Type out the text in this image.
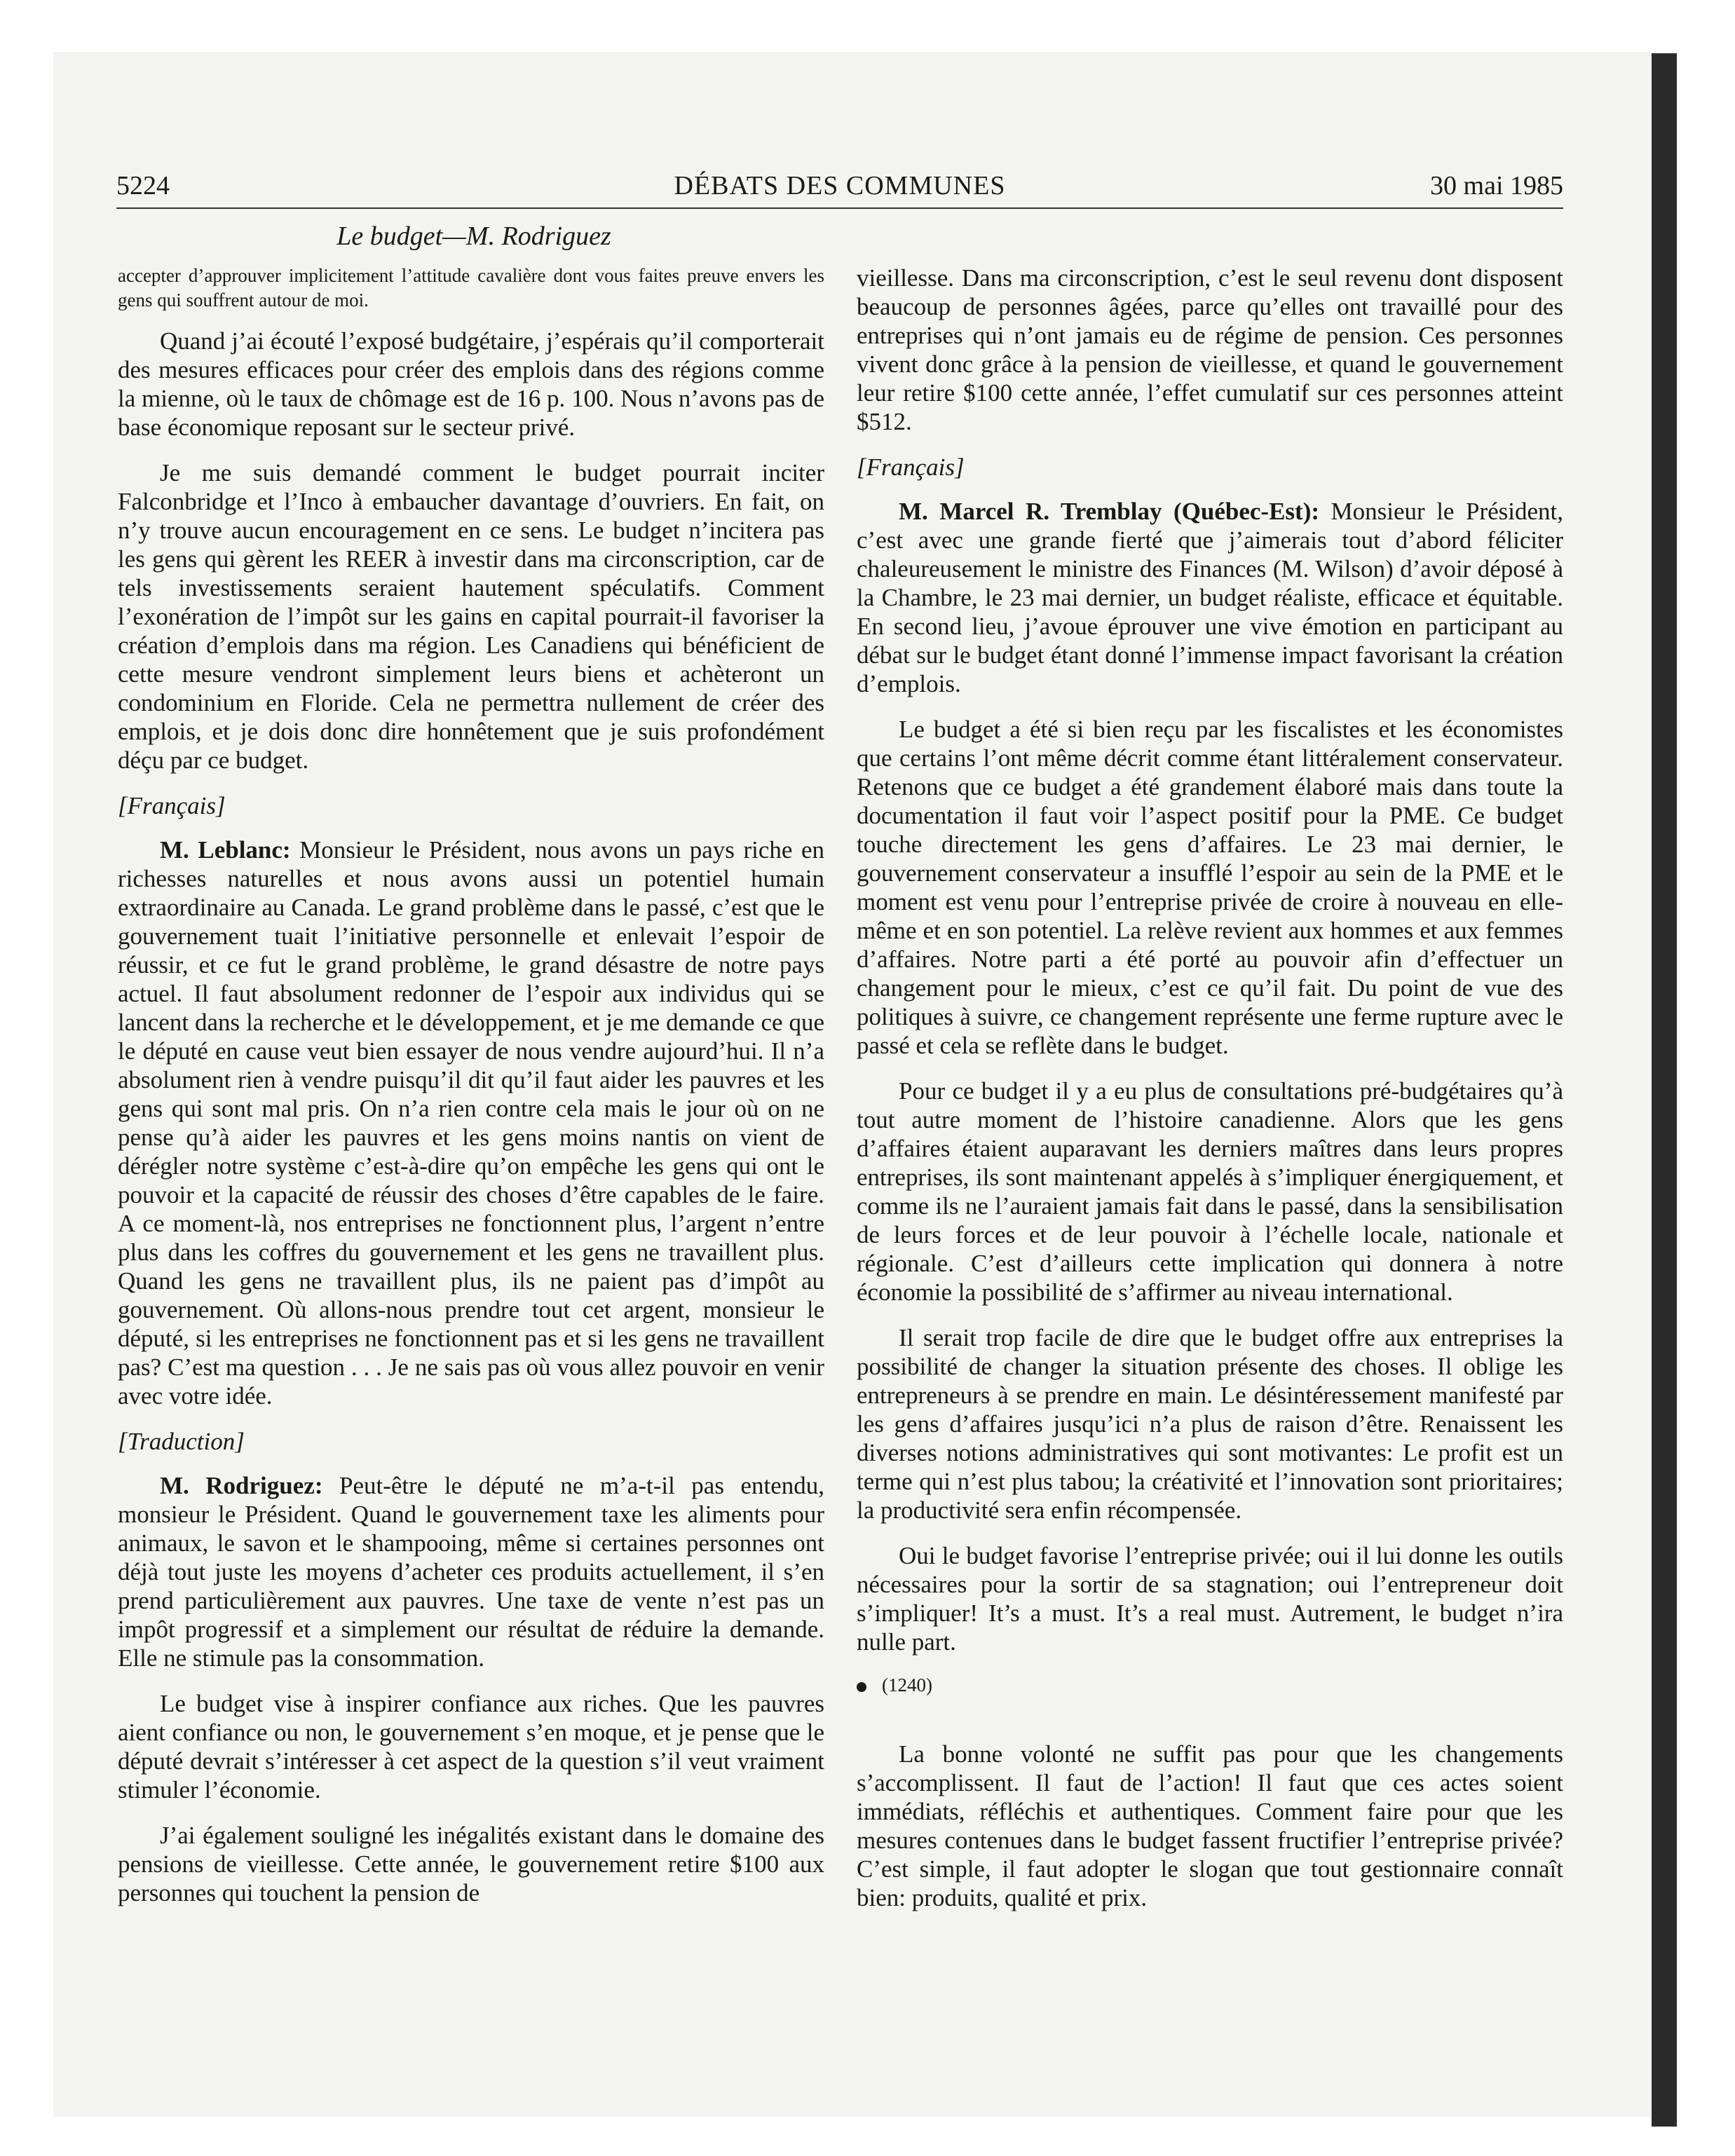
5224	DÉBATS DES COMMUNES	30 mai 1985
Le budget—M. Rodriguez

accepter d’approuver implicitement l’attitude cavalière dont vous faites preuve envers les gens qui souffrent autour de moi.

Quand j’ai écouté l’exposé budgétaire, j’espérais qu’il comporterait des mesures efficaces pour créer des emplois dans des régions comme la mienne, où le taux de chômage est de 16 p. 100. Nous n’avons pas de base économique reposant sur le secteur privé.

Je me suis demandé comment le budget pourrait inciter Falconbridge et l’Inco à embaucher davantage d’ouvriers. En fait, on n’y trouve aucun encouragement en ce sens. Le budget n’incitera pas les gens qui gèrent les REER à investir dans ma circonscription, car de tels investissements seraient hautement spéculatifs. Comment l’exonération de l’impôt sur les gains en capital pourrait-il favoriser la création d’emplois dans ma région. Les Canadiens qui bénéficient de cette mesure vendront simplement leurs biens et achèteront un condominium en Floride. Cela ne permettra nullement de créer des emplois, et je dois donc dire honnêtement que je suis profondément déçu par ce budget.

[Français]

M. Leblanc: Monsieur le Président, nous avons un pays riche en richesses naturelles et nous avons aussi un potentiel humain extraordinaire au Canada. Le grand problème dans le passé, c’est que le gouvernement tuait l’initiative personnelle et enlevait l’espoir de réussir, et ce fut le grand problème, le grand désastre de notre pays actuel. Il faut absolument redonner de l’espoir aux individus qui se lancent dans la recherche et le développement, et je me demande ce que le député en cause veut bien essayer de nous vendre aujourd’hui. Il n’a absolument rien à vendre puisqu’il dit qu’il faut aider les pauvres et les gens qui sont mal pris. On n’a rien contre cela mais le jour où on ne pense qu’à aider les pauvres et les gens moins nantis on vient de dérégler notre système c’est-à-dire qu’on empêche les gens qui ont le pouvoir et la capacité de réussir des choses d’être capables de le faire. A ce moment-là, nos entreprises ne fonctionnent plus, l’argent n’entre plus dans les coffres du gouvernement et les gens ne travaillent plus. Quand les gens ne travaillent plus, ils ne paient pas d’impôt au gouvernement. Où allons-nous prendre tout cet argent, monsieur le député, si les entreprises ne fonctionnent pas et si les gens ne travaillent pas? C’est ma question . . . Je ne sais pas où vous allez pouvoir en venir avec votre idée.

[Traduction]

M. Rodriguez: Peut-être le député ne m’a-t-il pas entendu, monsieur le Président. Quand le gouvernement taxe les aliments pour animaux, le savon et le shampooing, même si certaines personnes ont déjà tout juste les moyens d’acheter ces produits actuellement, il s’en prend particulièrement aux pauvres. Une taxe de vente n’est pas un impôt progressif et a simplement our résultat de réduire la demande. Elle ne stimule pas la consommation.

Le budget vise à inspirer confiance aux riches. Que les pauvres aient confiance ou non, le gouvernement s’en moque, et je pense que le député devrait s’intéresser à cet aspect de la question s’il veut vraiment stimuler l’économie.

J’ai également souligné les inégalités existant dans le domaine des pensions de vieillesse. Cette année, le gouvernement retire $100 aux personnes qui touchent la pension de

vieillesse. Dans ma circonscription, c’est le seul revenu dont disposent beaucoup de personnes âgées, parce qu’elles ont travaillé pour des entreprises qui n’ont jamais eu de régime de pension. Ces personnes vivent donc grâce à la pension de vieillesse, et quand le gouvernement leur retire $100 cette année, l’effet cumulatif sur ces personnes atteint $512.

[Français]

M. Marcel R. Tremblay (Québec-Est): Monsieur le Président, c’est avec une grande fierté que j’aimerais tout d’abord féliciter chaleureusement le ministre des Finances (M. Wilson) d’avoir déposé à la Chambre, le 23 mai dernier, un budget réaliste, efficace et équitable. En second lieu, j’avoue éprouver une vive émotion en participant au débat sur le budget étant donné l’immense impact favorisant la création d’emplois.

Le budget a été si bien reçu par les fiscalistes et les économistes que certains l’ont même décrit comme étant littéralement conservateur. Retenons que ce budget a été grandement élaboré mais dans toute la documentation il faut voir l’aspect positif pour la PME. Ce budget touche directement les gens d’affaires. Le 23 mai dernier, le gouvernement conservateur a insufflé l’espoir au sein de la PME et le moment est venu pour l’entreprise privée de croire à nouveau en elle-même et en son potentiel. La relève revient aux hommes et aux femmes d’affaires. Notre parti a été porté au pouvoir afin d’effectuer un changement pour le mieux, c’est ce qu’il fait. Du point de vue des politiques à suivre, ce changement représente une ferme rupture avec le passé et cela se reflète dans le budget.

Pour ce budget il y a eu plus de consultations pré-budgétaires qu’à tout autre moment de l’histoire canadienne. Alors que les gens d’affaires étaient auparavant les derniers maîtres dans leurs propres entreprises, ils sont maintenant appelés à s’impliquer énergiquement, et comme ils ne l’auraient jamais fait dans le passé, dans la sensibilisation de leurs forces et de leur pouvoir à l’échelle locale, nationale et régionale. C’est d’ailleurs cette implication qui donnera à notre économie la possibilité de s’affirmer au niveau international.

Il serait trop facile de dire que le budget offre aux entreprises la possibilité de changer la situation présente des choses. Il oblige les entrepreneurs à se prendre en main. Le désintéressement manifesté par les gens d’affaires jusqu’ici n’a plus de raison d’être. Renaissent les diverses notions administratives qui sont motivantes: Le profit est un terme qui n’est plus tabou; la créativité et l’innovation sont prioritaires; la productivité sera enfin récompensée.

Oui le budget favorise l’entreprise privée; oui il lui donne les outils nécessaires pour la sortir de sa stagnation; oui l’entrepreneur doit s’impliquer! It’s a must. It’s a real must. Autrement, le budget n’ira nulle part.

(1240)

La bonne volonté ne suffit pas pour que les changements s’accomplissent. Il faut de l’action! Il faut que ces actes soient immédiats, réfléchis et authentiques. Comment faire pour que les mesures contenues dans le budget fassent fructifier l’entreprise privée? C’est simple, il faut adopter le slogan que tout gestionnaire connaît bien: produits, qualité et prix.
